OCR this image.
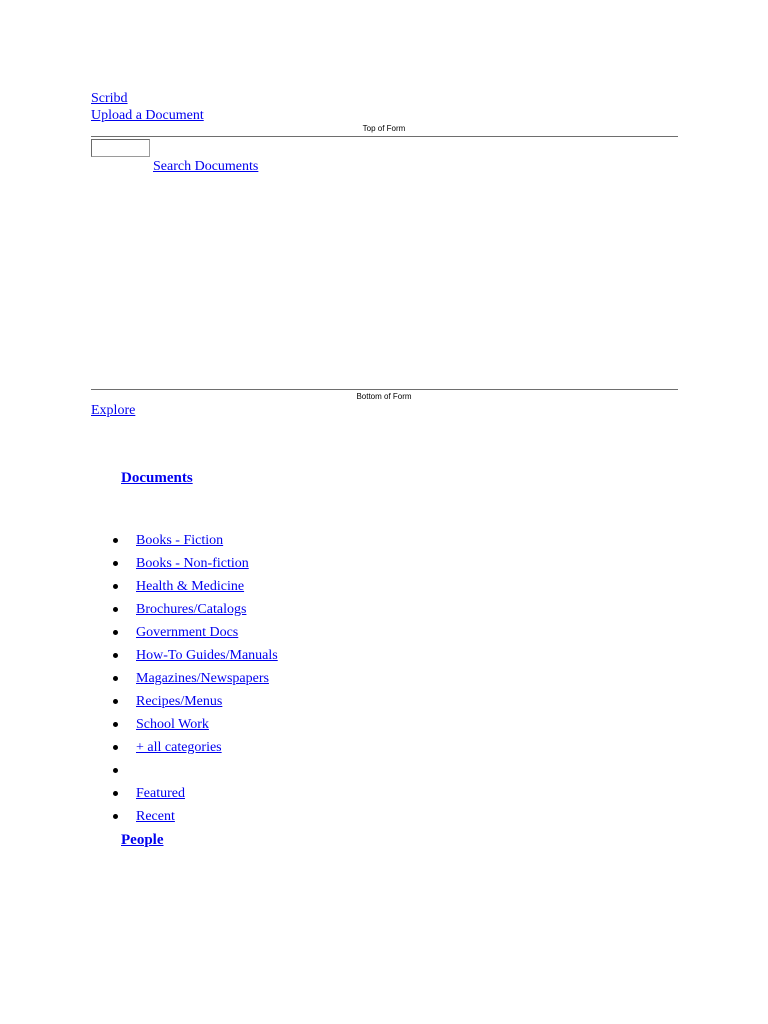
Scribd
Upload a Document
Top of Form
Search Documents
Bottom of Form
Explore
Documents
Books - Fiction
Books - Non-fiction
Health & Medicine
Brochures/Catalogs
Government Docs
How-To Guides/Manuals
Magazines/Newspapers
Recipes/Menus
School Work
+ all categories
Featured
Recent
People
